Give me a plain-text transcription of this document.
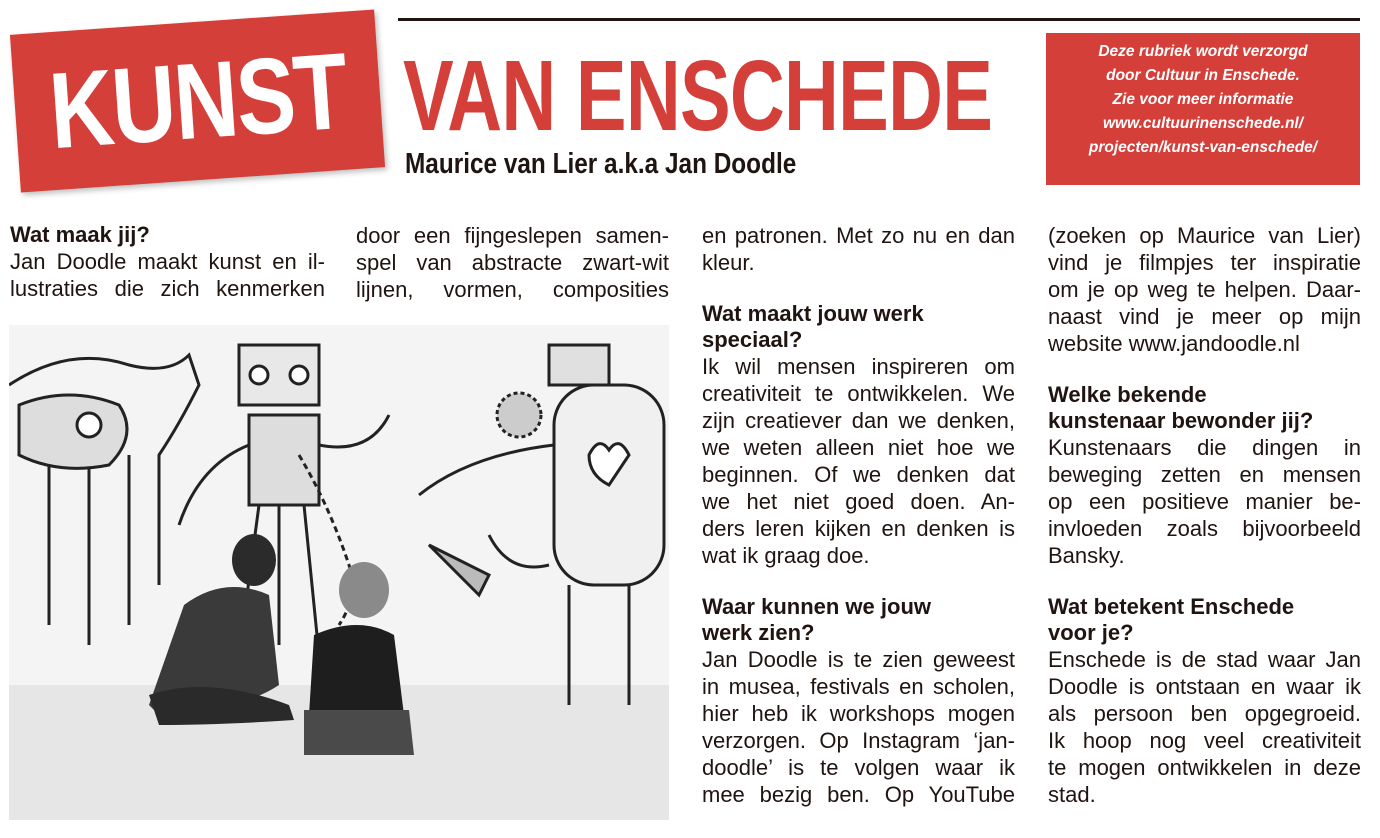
KUNST VAN ENSCHEDE
Maurice van Lier a.k.a Jan Doodle
Deze rubriek wordt verzorgd
door Cultuur in Enschede.
Zie voor meer informatie
www.cultuurinenschede.nl/
projecten/kunst-van-enschede/

Wat maak jij?

Jan Doodle maakt kunst en il-
lustraties die zich kenmerken
door een fijngeslepen samen-
spel van abstracte zwart-wit
lijnen, vormen, composities
en patronen. Met zo nu en dan
kleur.
Wat maakt jouw werk
speciaal?
Ik wil mensen inspireren om
creativiteit te ontwikkelen. We
zijn creatiever dan we denken,
we weten alleen niet hoe we
beginnen. Of we denken dat
we het niet goed doen. An-
ders leren kijken en denken is
wat ik graag doe.
Waar kunnen we jouw
werk zien?
Jan Doodle is te zien geweest
in musea, festivals en scholen,
hier heb ik workshops mogen
verzorgen. Op Instagram ‘jan-
doodle’ is te volgen waar ik
mee bezig ben. Op YouTube
(zoeken op Maurice van Lier)
vind je filmpjes ter inspiratie
om je op weg te helpen. Daar-
naast vind je meer op mijn
website www.jandoodle.nl
Welke bekende
kunstenaar bewonder jij?
Kunstenaars die dingen in
beweging zetten en mensen
op een positieve manier be-
invloeden zoals bijvoorbeeld
Bansky.
Wat betekent Enschede
voor je?
Enschede is de stad waar Jan
Doodle is ontstaan en waar ik
als persoon ben opgegroeid.
Ik hoop nog veel creativiteit
te mogen ontwikkelen in deze
stad.
